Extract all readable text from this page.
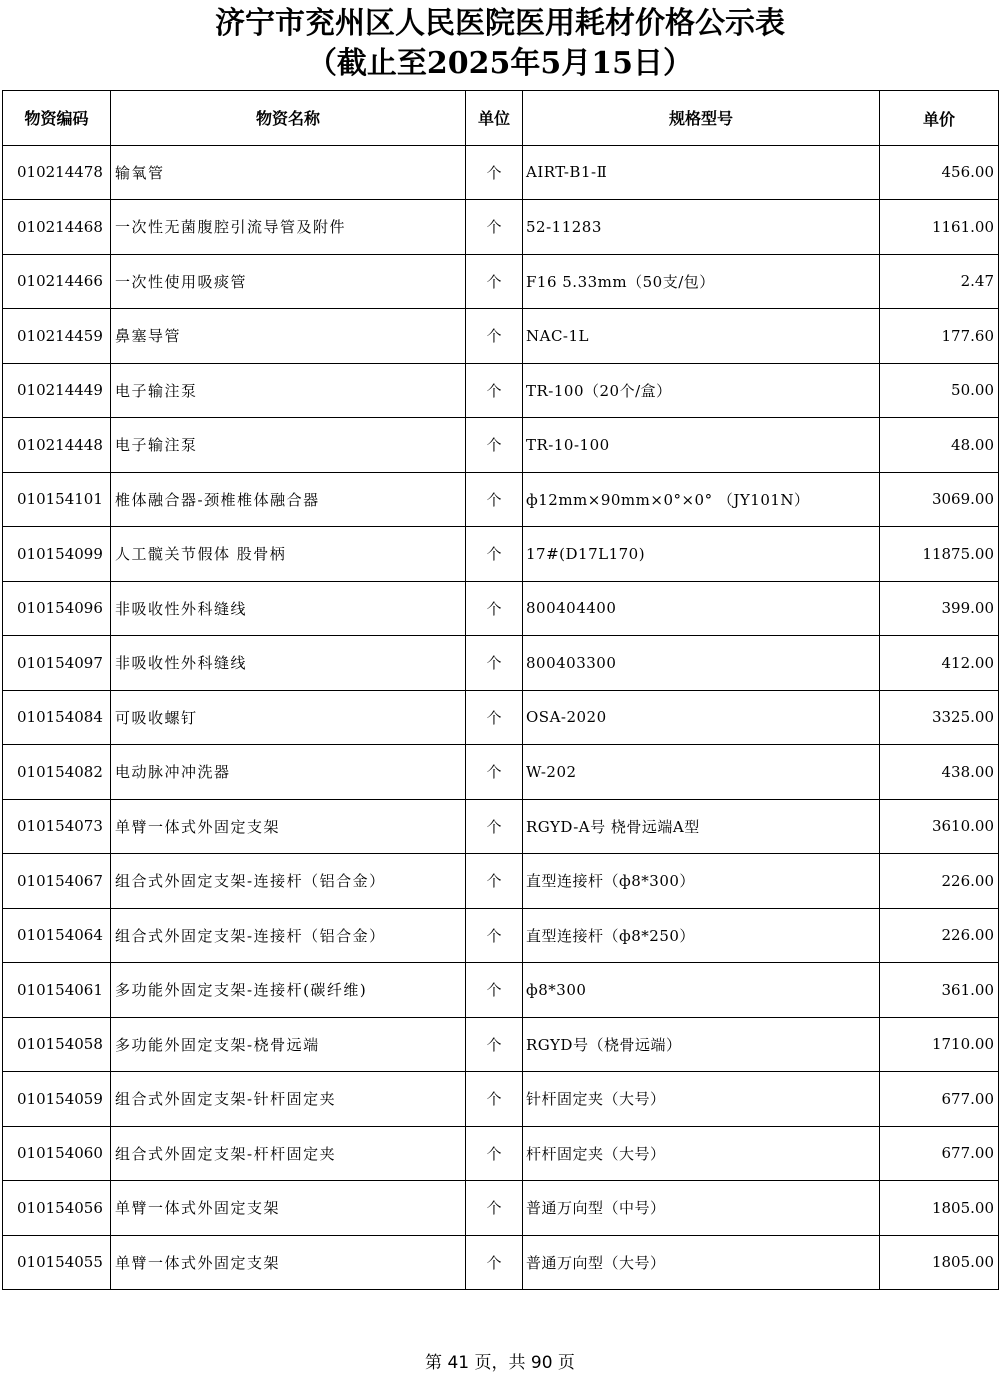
济宁市兖州区人民医院医用耗材价格公示表
（截止至2025年5月15日）
物资编码	物资名称	单位	规格型号	单价
010214478	输氧管	个	AIRT-B1-Ⅱ	456.00
010214468	一次性无菌腹腔引流导管及附件	个	52-11283	1161.00
010214466	一次性使用吸痰管	个	F16 5.33mm（50支/包）	2.47
010214459	鼻塞导管	个	NAC-1L	177.60
010214449	电子输注泵	个	TR-100（20个/盒）	50.00
010214448	电子输注泵	个	TR-10-100	48.00
010154101	椎体融合器-颈椎椎体融合器	个	ф12mm×90mm×0°×0° （JY101N）	3069.00
010154099	人工髋关节假体 股骨柄	个	17#(D17L170)	11875.00
010154096	非吸收性外科缝线	个	800404400	399.00
010154097	非吸收性外科缝线	个	800403300	412.00
010154084	可吸收螺钉	个	OSA-2020	3325.00
010154082	电动脉冲冲洗器	个	W-202	438.00
010154073	单臂一体式外固定支架	个	RGYD-A号 桡骨远端A型	3610.00
010154067	组合式外固定支架-连接杆（铝合金）	个	直型连接杆（ф8*300）	226.00
010154064	组合式外固定支架-连接杆（铝合金）	个	直型连接杆（ф8*250）	226.00
010154061	多功能外固定支架-连接杆(碳纤维)	个	ф8*300	361.00
010154058	多功能外固定支架-桡骨远端	个	RGYD号（桡骨远端）	1710.00
010154059	组合式外固定支架-针杆固定夹	个	针杆固定夹（大号）	677.00
010154060	组合式外固定支架-杆杆固定夹	个	杆杆固定夹（大号）	677.00
010154056	单臂一体式外固定支架	个	普通万向型（中号）	1805.00
010154055	单臂一体式外固定支架	个	普通万向型（大号）	1805.00
第 41 页，共 90 页
